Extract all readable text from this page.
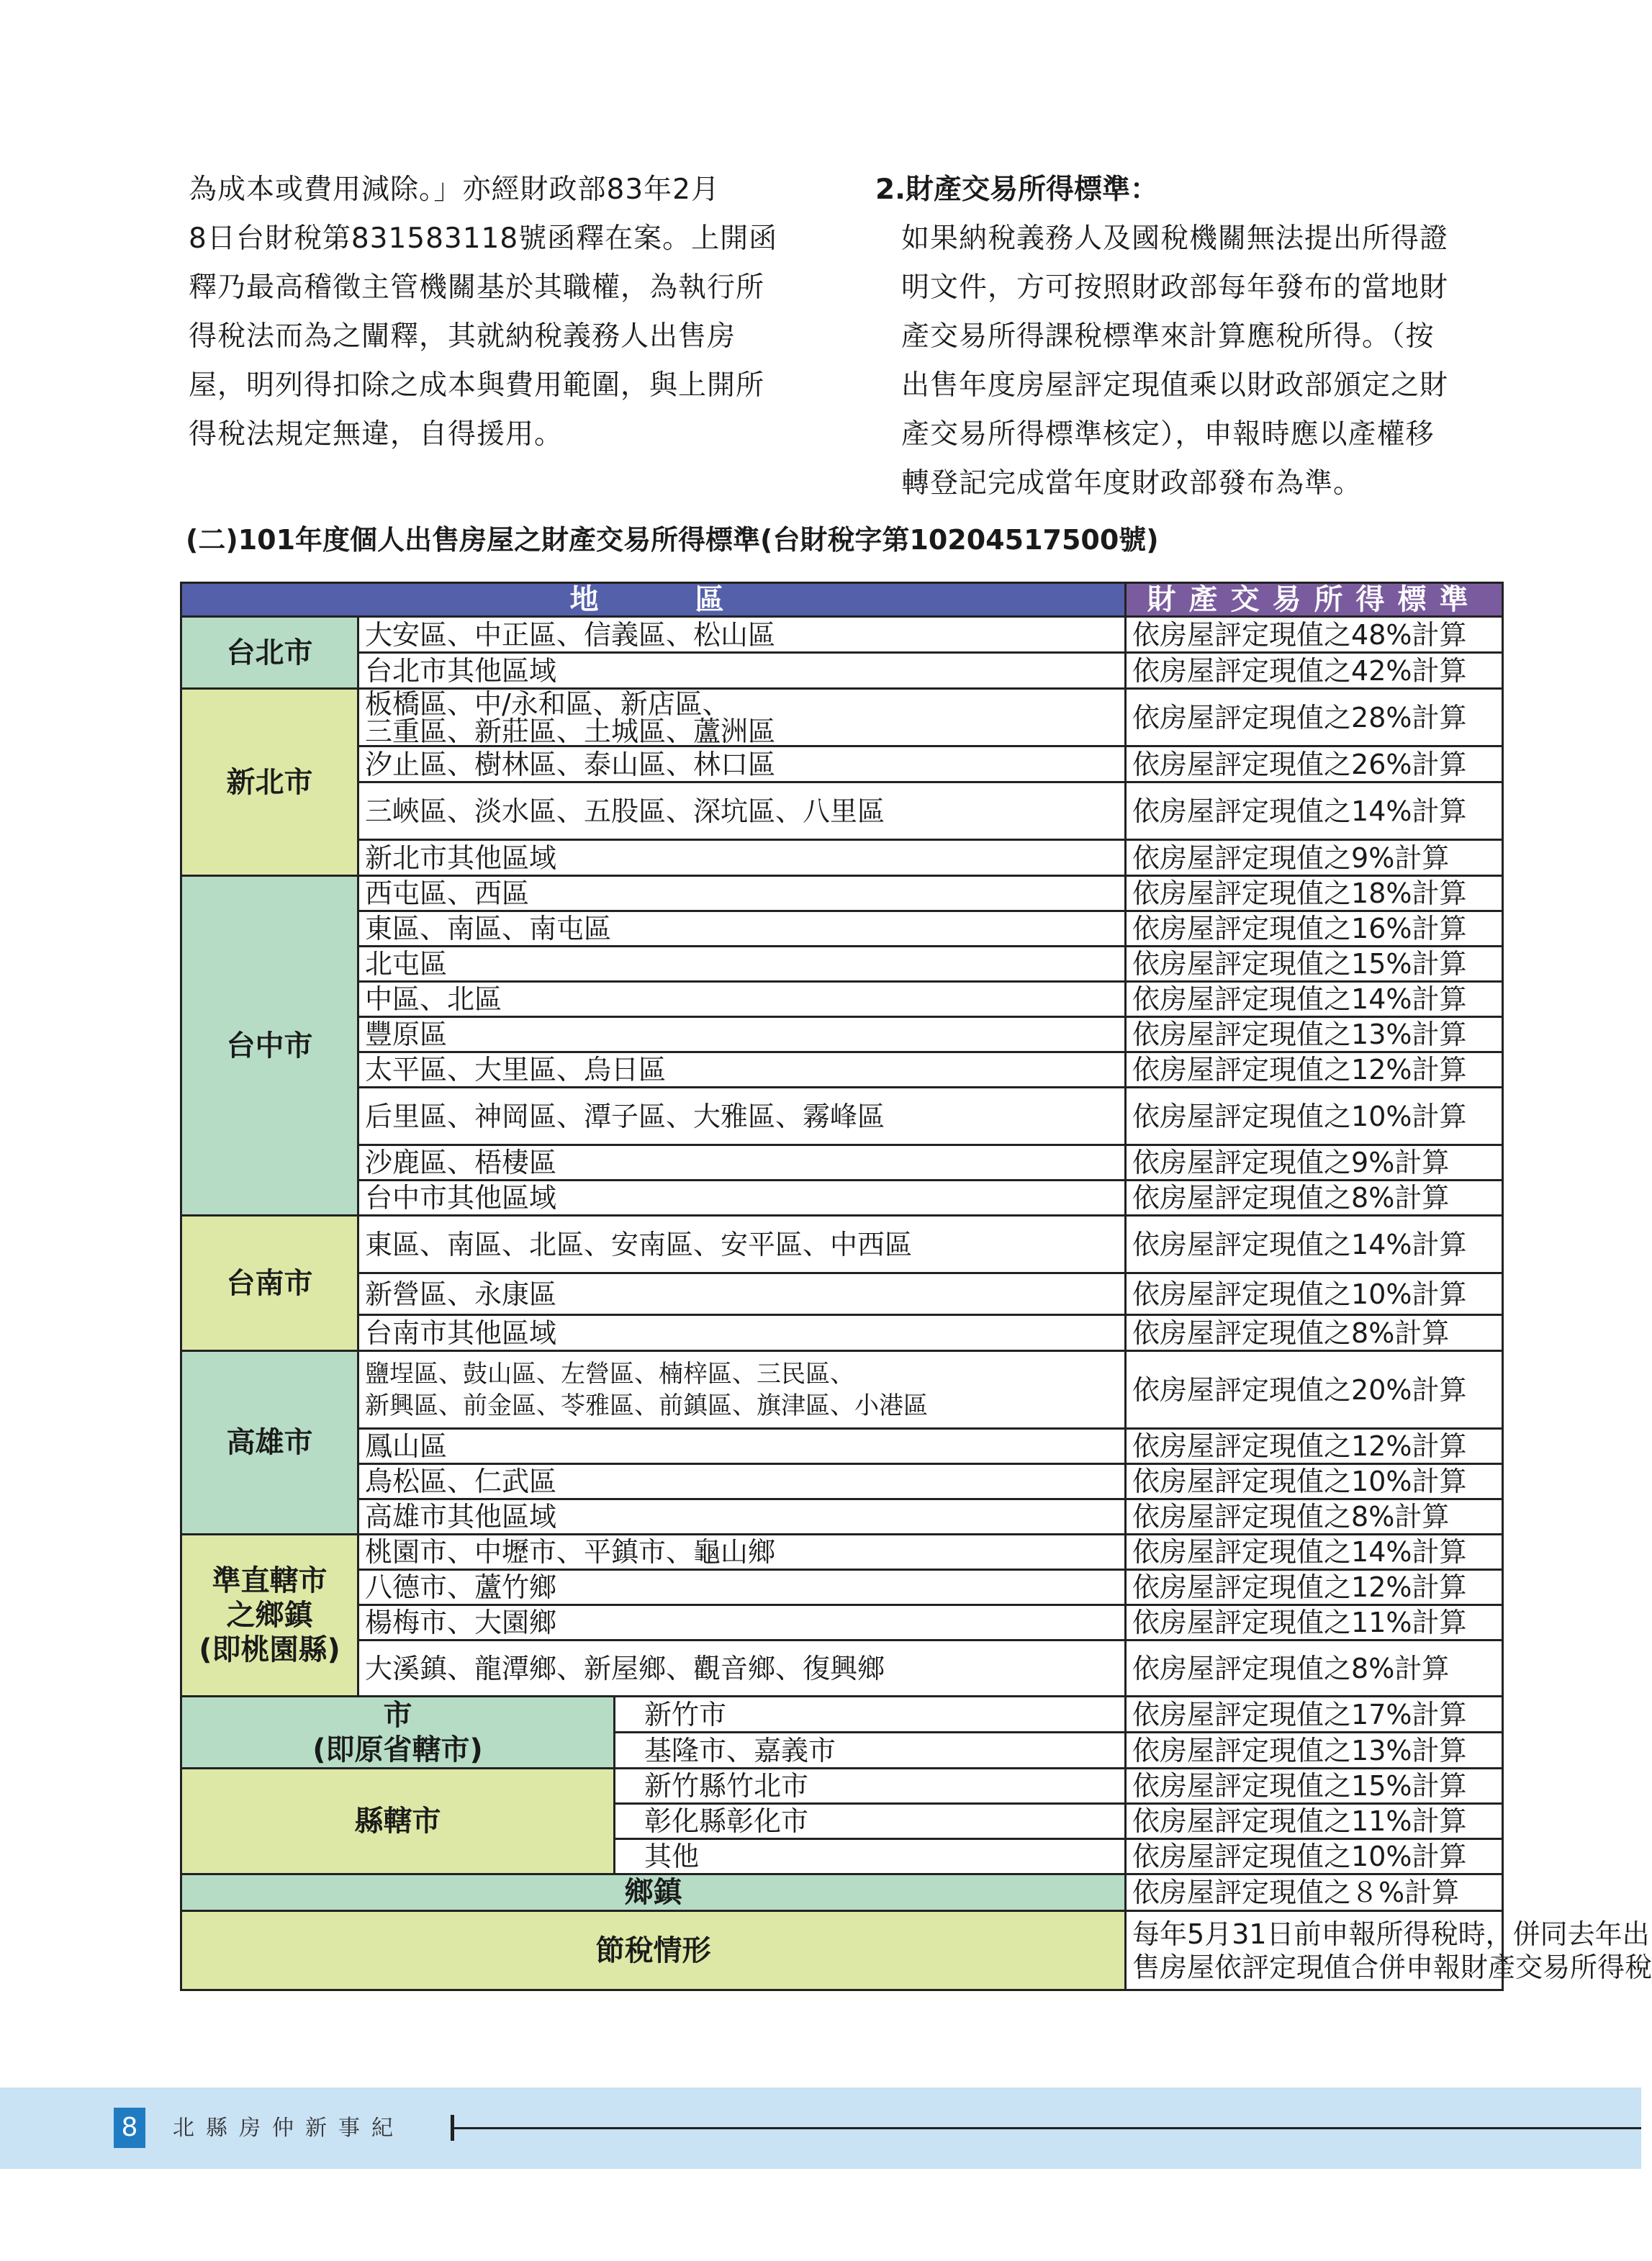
為成本或費用減除。」亦經財政部83年2月

8日台財稅第831583118號函釋在案。上開函

釋乃最高稽徵主管機關基於其職權，為執行所

得稅法而為之闡釋，其就納稅義務人出售房

屋，明列得扣除之成本與費用範圍，與上開所

得稅法規定無違，自得援用。

2.財產交易所得標準：

如果納稅義務人及國稅機關無法提出所得證

明文件，方可按照財政部每年發布的當地財

產交易所得課稅標準來計算應稅所得。（按

出售年度房屋評定現值乘以財政部頒定之財

產交易所得標準核定），申報時應以產權移

轉登記完成當年度財政部發布為準。

(二)101年度個人出售房屋之財產交易所得標準(台財稅字第10204517500號)
地　　區			財產交易所得標準
台北市	大安區、中正區、信義區、松山區		依房屋評定現值之48%計算
	台北市其他區域		依房屋評定現值之42%計算
新北市	板橋區、中/永和區、新店區、
三重區、新莊區、土城區、蘆洲區		依房屋評定現值之28%計算
	汐止區、樹林區、泰山區、林口區		依房屋評定現值之26%計算
	三峽區、淡水區、五股區、深坑區、八里區		依房屋評定現值之14%計算
	新北市其他區域		依房屋評定現值之9%計算
台中市	西屯區、西區		依房屋評定現值之18%計算
	東區、南區、南屯區		依房屋評定現值之16%計算
	北屯區		依房屋評定現值之15%計算
	中區、北區		依房屋評定現值之14%計算
	豐原區		依房屋評定現值之13%計算
	太平區、大里區、烏日區		依房屋評定現值之12%計算
	后里區、神岡區、潭子區、大雅區、霧峰區		依房屋評定現值之10%計算
	沙鹿區、梧棲區		依房屋評定現值之9%計算
	台中市其他區域		依房屋評定現值之8%計算
台南市	東區、南區、北區、安南區、安平區、中西區		依房屋評定現值之14%計算
	新營區、永康區		依房屋評定現值之10%計算
	台南市其他區域		依房屋評定現值之8%計算
高雄市	鹽埕區、鼓山區、左營區、楠梓區、三民區、
新興區、前金區、苓雅區、前鎮區、旗津區、小港區		依房屋評定現值之20%計算
	鳳山區		依房屋評定現值之12%計算
	鳥松區、仁武區		依房屋評定現值之10%計算
	高雄市其他區域		依房屋評定現值之8%計算

準直轄市
之鄉鎮
(即桃園縣)	桃園市、中壢市、平鎮市、龜山鄉		依房屋評定現值之14%計算
	八德市、蘆竹鄉		依房屋評定現值之12%計算
	楊梅市、大園鄉		依房屋評定現值之11%計算
	大溪鎮、龍潭鄉、新屋鄉、觀音鄉、復興鄉		依房屋評定現值之8%計算

市
(即原省轄市)		新竹市	依房屋評定現值之17%計算
		基隆市、嘉義市	依房屋評定現值之13%計算
縣轄市		新竹縣竹北市	依房屋評定現值之15%計算
		彰化縣彰化市	依房屋評定現值之11%計算
		其他	依房屋評定現值之10%計算
鄉鎮			依房屋評定現值之８%計算
節稅情形			每年5月31日前申報所得稅時，併同去年出
售房屋依評定現值合併申報財產交易所得稅
8	北縣房仲新事紀
